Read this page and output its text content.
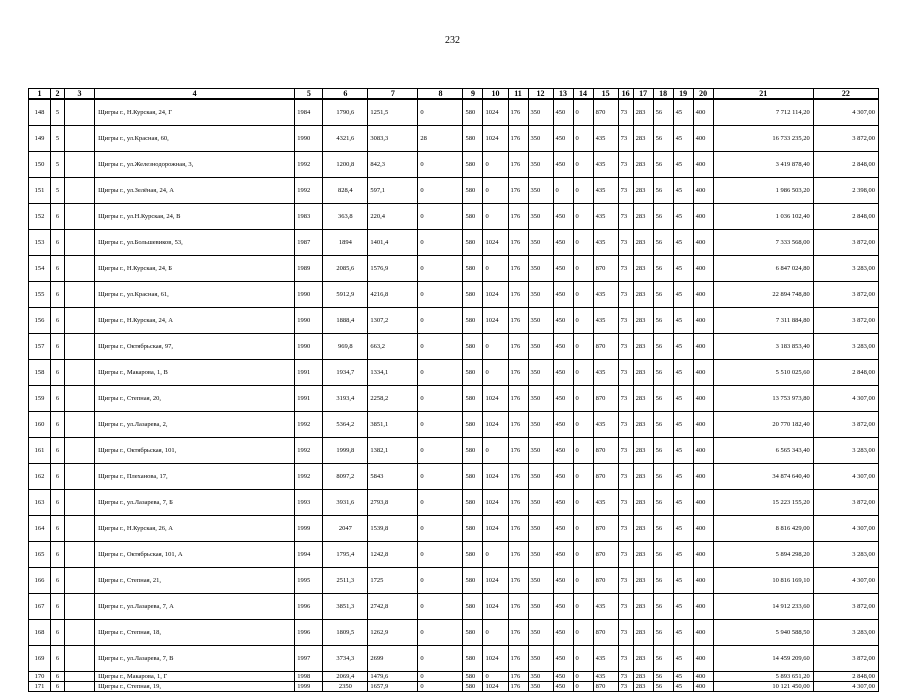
232
1	2	3	4	5	6	7	8	9	10	11	12	13	14	15	16	17	18	19	20	21	22
148	5		Щигры г., Н.Курская, 24, Г	1984	1790,6	1251,5	0	580	1024	176	350	450	0	870	73	283	56	45	400	7 712 114,20	4 307,00
149	5		Щигры г., ул.Красная, 60,	1990	4321,6	3083,3	28	580	1024	176	350	450	0	435	73	283	56	45	400	16 733 235,20	3 872,00
150	5		Щигры г., ул.Железнодорожная, 3,	1992	1200,8	842,3	0	580	0	176	350	450	0	435	73	283	56	45	400	3 419 878,40	2 848,00
151	5		Щигры г., ул.Зелёная, 24, А	1992	828,4	597,1	0	580	0	176	350	0	0	435	73	283	56	45	400	1 986 503,20	2 398,00
152	6		Щигры г., ул.Н.Курская, 24, В	1983	363,8	220,4	0	580	0	176	350	450	0	435	73	283	56	45	400	1 036 102,40	2 848,00
153	6		Щигры г., ул.Большевиков, 53,	1987	1894	1401,4	0	580	1024	176	350	450	0	435	73	283	56	45	400	7 333 568,00	3 872,00
154	6		Щигры г., Н.Курская, 24, Б	1989	2085,6	1576,9	0	580	0	176	350	450	0	870	73	283	56	45	400	6 847 024,80	3 283,00
155	6		Щигры г., ул.Красная, 61,	1990	5912,9	4216,8	0	580	1024	176	350	450	0	435	73	283	56	45	400	22 894 748,80	3 872,00
156	6		Щигры г., Н.Курская, 24, А	1990	1888,4	1307,2	0	580	1024	176	350	450	0	435	73	283	56	45	400	7 311 884,80	3 872,00
157	6		Щигры г., Октябрьская, 97,	1990	969,8	663,2	0	580	0	176	350	450	0	870	73	283	56	45	400	3 183 853,40	3 283,00
158	6		Щигры г., Макарова, 1, В	1991	1934,7	1334,1	0	580	0	176	350	450	0	435	73	283	56	45	400	5 510 025,60	2 848,00
159	6		Щигры г., Степная, 20,	1991	3193,4	2258,2	0	580	1024	176	350	450	0	870	73	283	56	45	400	13 753 973,80	4 307,00
160	6		Щигры г., ул.Лазарева, 2,	1992	5364,2	3851,1	0	580	1024	176	350	450	0	435	73	283	56	45	400	20 770 182,40	3 872,00
161	6		Щигры г., Октябрьская, 101,	1992	1999,8	1382,1	0	580	0	176	350	450	0	870	73	283	56	45	400	6 565 343,40	3 283,00
162	6		Щигры г., Плеханова, 17,	1992	8097,2	5843	0	580	1024	176	350	450	0	870	73	283	56	45	400	34 874 640,40	4 307,00
163	6		Щигры г., ул.Лазарева, 7, Б	1993	3931,6	2793,8	0	580	1024	176	350	450	0	435	73	283	56	45	400	15 223 155,20	3 872,00
164	6		Щигры г., Н.Курская, 26, А	1999	2047	1539,8	0	580	1024	176	350	450	0	870	73	283	56	45	400	8 816 429,00	4 307,00
165	6		Щигры г., Октябрьская, 101, А	1994	1795,4	1242,8	0	580	0	176	350	450	0	870	73	283	56	45	400	5 894 298,20	3 283,00
166	6		Щигры г., Степная, 21,	1995	2511,3	1725	0	580	1024	176	350	450	0	870	73	283	56	45	400	10 816 169,10	4 307,00
167	6		Щигры г., ул.Лазарева, 7, А	1996	3851,3	2742,8	0	580	1024	176	350	450	0	435	73	283	56	45	400	14 912 233,60	3 872,00
168	6		Щигры г., Степная, 18,	1996	1809,5	1262,9	0	580	0	176	350	450	0	870	73	283	56	45	400	5 940 588,50	3 283,00
169	6		Щигры г., ул.Лазарева, 7, В	1997	3734,3	2699	0	580	1024	176	350	450	0	435	73	283	56	45	400	14 459 209,60	3 872,00
170	6		Щигры г., Макарова, 1, Г	1998	2069,4	1479,6	0	580	0	176	350	450	0	435	73	283	56	45	400	5 893 651,20	2 848,00
171	6		Щигры г., Степная, 19,	1999	2350	1657,9	0	580	1024	176	350	450	0	870	73	283	56	45	400	10 121 450,00	4 307,00
